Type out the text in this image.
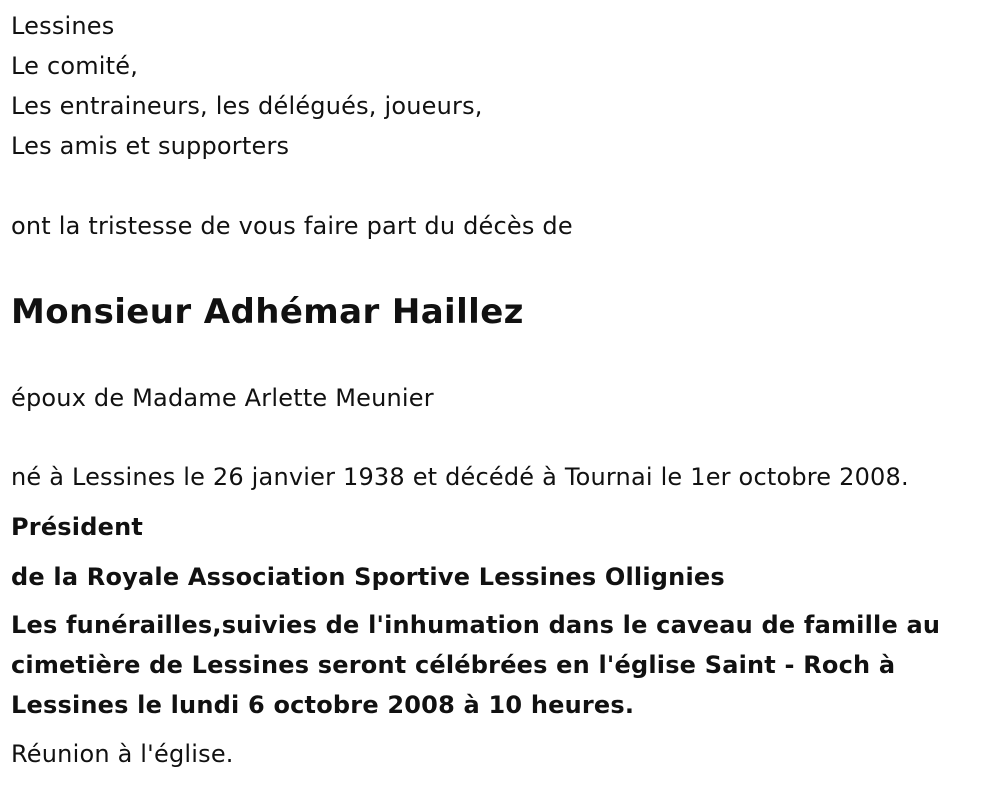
Lessines
Le comité,
Les entraineurs, les délégués, joueurs,
Les amis et supporters
ont la tristesse de vous faire part du décès de
Monsieur Adhémar Haillez
époux de Madame Arlette Meunier
né à Lessines le 26 janvier 1938 et décédé à Tournai le 1er octobre 2008.
Président
de la Royale Association Sportive Lessines Ollignies
Les funérailles,suivies de l'inhumation dans le caveau de famille au
cimetière de Lessines seront célébrées en l'église Saint - Roch à
Lessines le lundi 6 octobre 2008 à 10 heures.
Réunion à l'église.
